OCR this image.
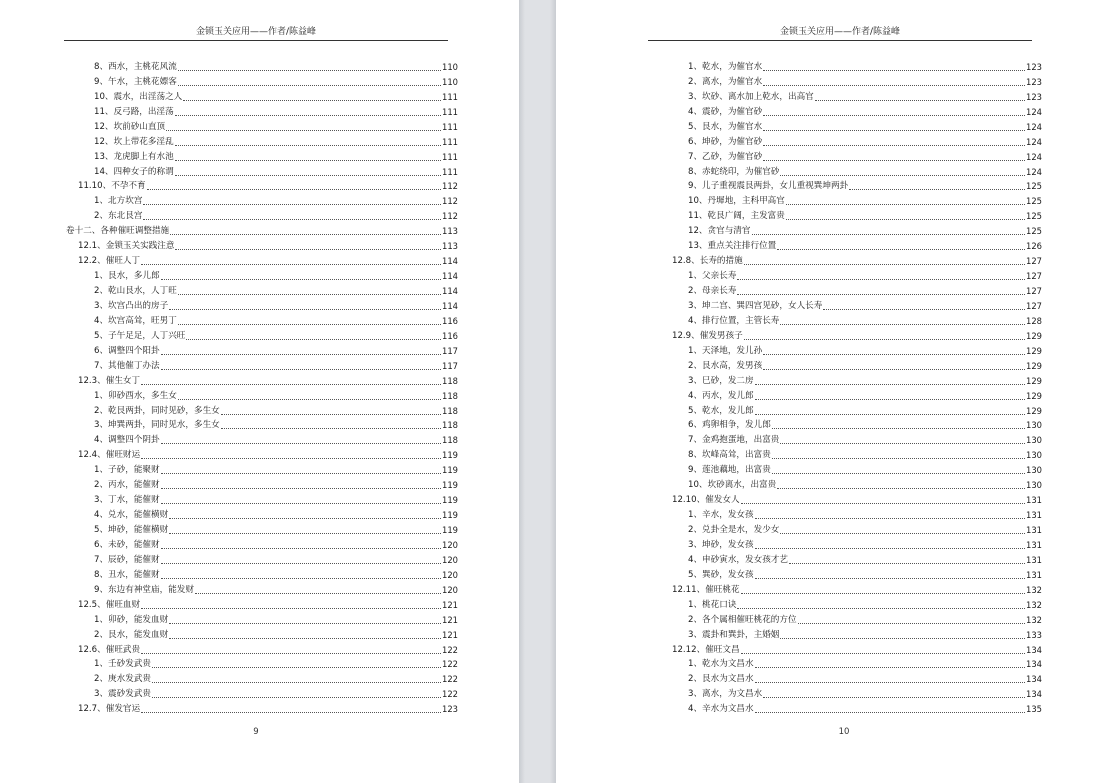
金锁玉关应用——作者/陈益峰
8、西水，主桃花风流	110
9、午水，主桃花嫖客	110
10、震水，出淫荡之人	111
11、反弓路，出淫荡	111
12、坎前砂山直顶	111
12、坎上带花多淫乱	111
13、龙虎脚上有水池	111
14、四种女子的称谓	111
11.10、不孕不育	112
1、北方坎宫	112
2、东北艮宫	112
卷十二、各种催旺调整措施	113
12.1、金锁玉关实践注意	113
12.2、催旺人丁	114
1、艮水，多儿郎	114
2、乾山艮水，人丁旺	114
3、坎宫凸出的房子	114
4、坎宫高耸，旺男丁	116
5、子午足足，人丁兴旺	116
6、调整四个阳卦	117
7、其他催丁办法	117
12.3、催生女丁	118
1、卯砂酉水，多生女	118
2、乾艮两卦，同时见砂，多生女	118
3、坤巽两卦，同时见水，多生女	118
4、调整四个阴卦	118
12.4、催旺财运	119
1、子砂，能聚财	119
2、丙水，能催财	119
3、丁水，能催财	119
4、兑水，能催横财	119
5、坤砂，能催横财	119
6、未砂，能催财	120
7、辰砂，能催财	120
8、丑水，能催财	120
9、东边有神堂庙，能发财	120
12.5、催旺血财	121
1、卯砂，能发血财	121
2、艮水，能发血财	121
12.6、催旺武贵	122
1、壬砂发武贵	122
2、庚水发武贵	122
3、震砂发武贵	122
12.7、催发官运	123
9
金锁玉关应用——作者/陈益峰
1、乾水，为催官水	123
2、离水，为催官水	123
3、坎砂、离水加上乾水，出高官	123
4、震砂，为催官砂	124
5、艮水，为催官水	124
6、坤砂，为催官砂	124
7、乙砂，为催官砂	124
8、赤蛇绕印，为催官砂	124
9、儿子重视震艮两卦，女儿重视巽坤两卦	125
10、丹墀地，主科甲高官	125
11、乾艮广阔，主发富贵	125
12、贪官与清官	125
13、重点关注排行位置	126
12.8、长寿的措施	127
1、父亲长寿	127
2、母亲长寿	127
3、坤二宫、巽四宫见砂，女人长寿	127
4、排行位置，主管长寿	128
12.9、催发男孩子	129
1、天泽地，发儿孙	129
2、艮水高，发男孩	129
3、巳砂，发二房	129
4、丙水，发儿郎	129
5、乾水，发儿郎	129
6、鸡卵相争，发儿郎	130
7、金鸡抱蛋地，出富贵	130
8、坎峰高耸，出富贵	130
9、莲池藕地，出富贵	130
10、坎砂离水，出富贵	130
12.10、催发女人	131
1、辛水，发女孩	131
2、兑卦全是水，发少女	131
3、坤砂，发女孩	131
4、申砂寅水，发女孩才艺	131
5、巽砂，发女孩	131
12.11、催旺桃花	132
1、桃花口诀	132
2、各个属相催旺桃花的方位	132
3、震卦和巽卦，主婚姻	133
12.12、催旺文昌	134
1、乾水为文昌水	134
2、艮水为文昌水	134
3、离水，为文昌水	134
4、辛水为文昌水	135
10
